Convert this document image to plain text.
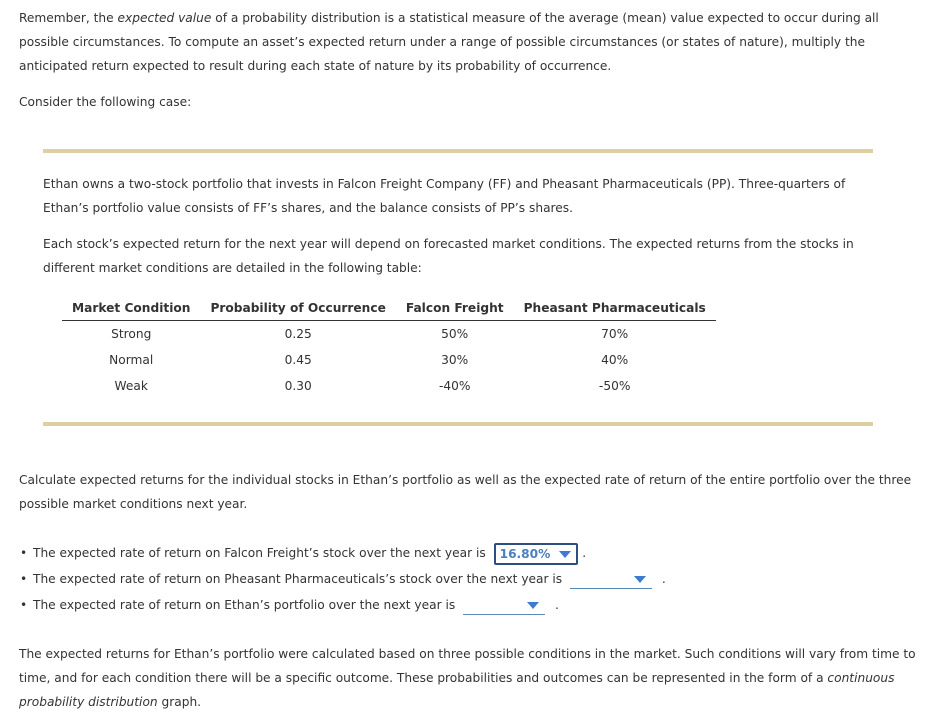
Remember, the expected value of a probability distribution is a statistical measure of the average (mean) value expected to occur during all possible circumstances. To compute an asset’s expected return under a range of possible circumstances (or states of nature), multiply the anticipated return expected to result during each state of nature by its probability of occurrence.

Consider the following case:

Ethan owns a two-stock portfolio that invests in Falcon Freight Company (FF) and Pheasant Pharmaceuticals (PP). Three-quarters of Ethan’s portfolio value consists of FF’s shares, and the balance consists of PP’s shares.

Each stock’s expected return for the next year will depend on forecasted market conditions. The expected returns from the stocks in different market conditions are detailed in the following table:

Market Condition	Probability of Occurrence	Falcon Freight	Pheasant Pharmaceuticals
Strong	0.25	50%	70%
Normal	0.45	30%	40%
Weak	0.30	-40%	-50%

Calculate expected returns for the individual stocks in Ethan’s portfolio as well as the expected rate of return of the entire portfolio over the three possible market conditions next year.

• The expected rate of return on Falcon Freight’s stock over the next year is 16.80%	.
• The expected rate of return on Pheasant Pharmaceuticals’s stock over the next year is	.
• The expected rate of return on Ethan’s portfolio over the next year is	.

The expected returns for Ethan’s portfolio were calculated based on three possible conditions in the market. Such conditions will vary from time to time, and for each condition there will be a specific outcome. These probabilities and outcomes can be represented in the form of a continuous probability distribution graph.
